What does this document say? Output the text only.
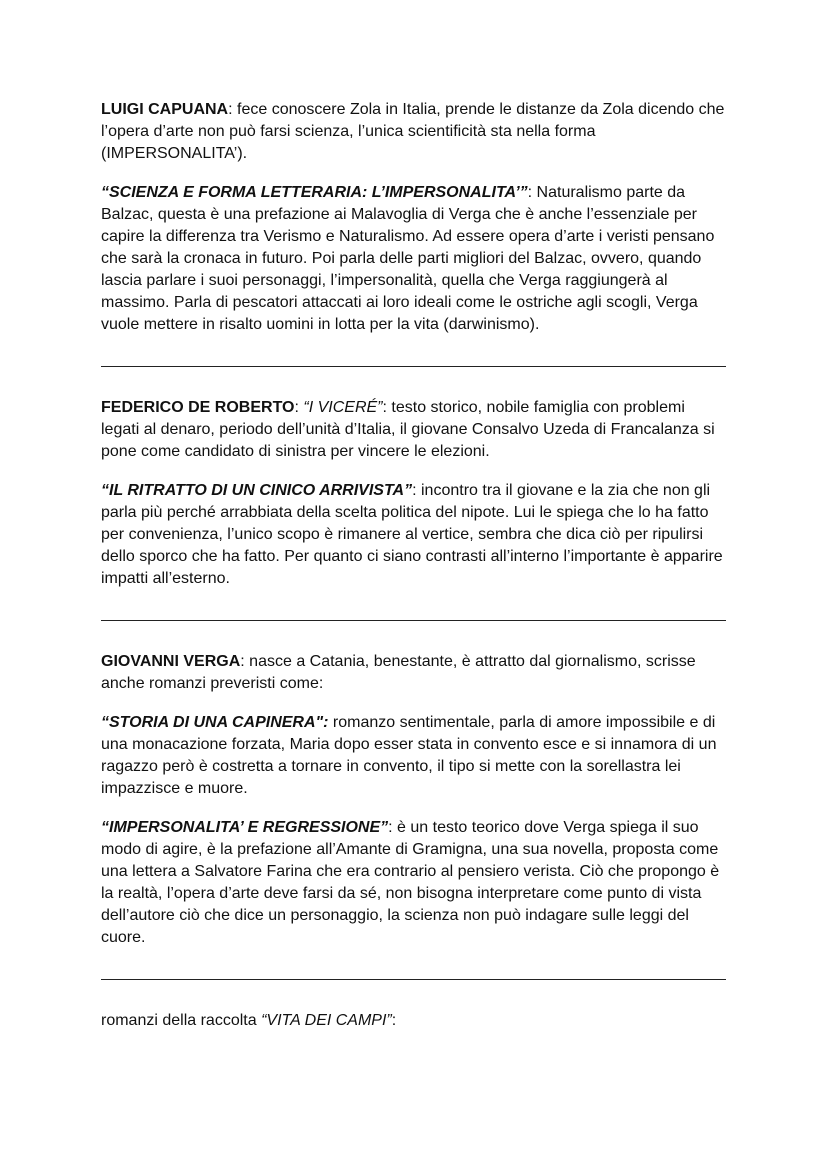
LUIGI CAPUANA: fece conoscere Zola in Italia, prende le distanze da Zola dicendo che l’opera d’arte non può farsi scienza, l’unica scientificità sta nella forma (IMPERSONALITA’).

“SCIENZA E FORMA LETTERARIA: L’IMPERSONALITA’”: Naturalismo parte da Balzac, questa è una prefazione ai Malavoglia di Verga che è anche l’essenziale per capire la differenza tra Verismo e Naturalismo. Ad essere opera d’arte i veristi pensano che sarà la cronaca in futuro. Poi parla delle parti migliori del Balzac, ovvero, quando lascia parlare i suoi personaggi, l’impersonalità, quella che Verga raggiungerà al massimo. Parla di pescatori attaccati ai loro ideali come le ostriche agli scogli, Verga vuole mettere in risalto uomini in lotta per la vita (darwinismo).

FEDERICO DE ROBERTO: “I VICERÉ”: testo storico, nobile famiglia con problemi legati al denaro, periodo dell’unità d’Italia, il giovane Consalvo Uzeda di Francalanza si pone come candidato di sinistra per vincere le elezioni.

“IL RITRATTO DI UN CINICO ARRIVISTA”: incontro tra il giovane e la zia che non gli parla più perché arrabbiata della scelta politica del nipote. Lui le spiega che lo ha fatto per convenienza, l’unico scopo è rimanere al vertice, sembra che dica ciò per ripulirsi dello sporco che ha fatto. Per quanto ci siano contrasti all’interno l’importante è apparire impatti all’esterno.

GIOVANNI VERGA: nasce a Catania, benestante, è attratto dal giornalismo, scrisse anche romanzi preveristi come:

“STORIA DI UNA CAPINERA": romanzo sentimentale, parla di amore impossibile e di una monacazione forzata, Maria dopo esser stata in convento esce e si innamora di un ragazzo però è costretta a tornare in convento, il tipo si mette con la sorellastra lei impazzisce e muore.

“IMPERSONALITA’ E REGRESSIONE”: è un testo teorico dove Verga spiega il suo modo di agire, è la prefazione all’Amante di Gramigna, una sua novella, proposta come una lettera a Salvatore Farina che era contrario al pensiero verista. Ciò che propongo è la realtà, l’opera d’arte deve farsi da sé, non bisogna interpretare come punto di vista dell’autore ciò che dice un personaggio, la scienza non può indagare sulle leggi del cuore.

romanzi della raccolta “VITA DEI CAMPI”:
